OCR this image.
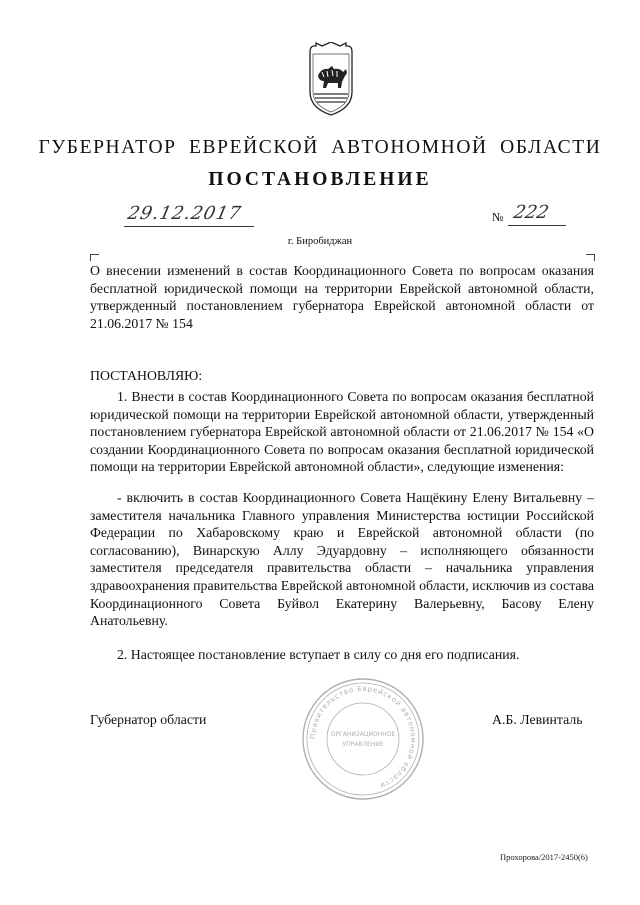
ГУБЕРНАТОР ЕВРЕЙСКОЙ АВТОНОМНОЙ ОБЛАСТИ
ПОСТАНОВЛЕНИЕ
29.12.2017	№ 222
г. Биробиджан
О внесении изменений в состав Координационного Совета по вопросам оказания бесплатной юридической помощи на территории Еврейской автономной области, утвержденный постановлением губернатора Еврейской автономной области от 21.06.2017 № 154
ПОСТАНОВЛЯЮ:
1. Внести в состав Координационного Совета по вопросам оказания бесплатной юридической помощи на территории Еврейской автономной области, утвержденный постановлением губернатора Еврейской автономной области от 21.06.2017 № 154 «О создании Координационного Совета по вопросам оказания бесплатной юридической помощи на территории Еврейской автономной области», следующие изменения:
- включить в состав Координационного Совета Нащёкину Елену Витальевну – заместителя начальника Главного управления Министерства юстиции Российской Федерации по Хабаровскому краю и Еврейской автономной области (по согласованию), Винарскую Аллу Эдуардовну – исполняющего обязанности заместителя председателя правительства области – начальника управления здравоохранения правительства Еврейской автономной области, исключив из состава Координационного Совета Буйвол Екатерину Валерьевну, Басову Елену Анатольевну.
2. Настоящее постановление вступает в силу со дня его подписания.
Губернатор области
Правительство Еврейской автономной области
ОРГАНИЗАЦИОННОЕ
УПРАВЛЕНИЕ
А.Б. Левинталь
Прохорова/2017-2450(6)
